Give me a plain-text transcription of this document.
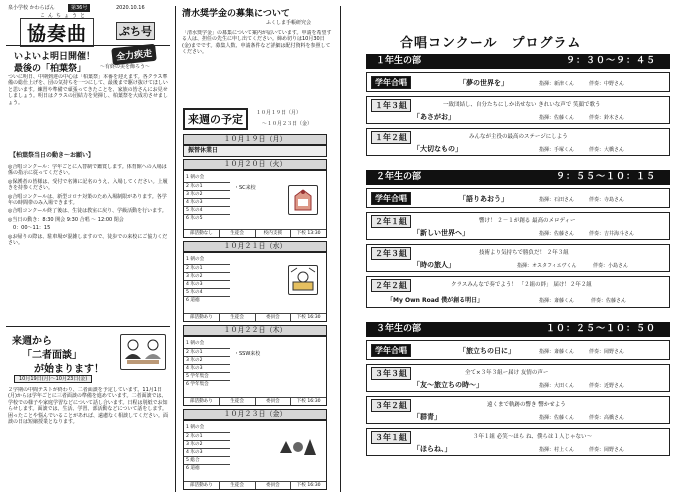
泉小学校 かわらばん	第36号	2020.10.16
こんちょうと
協奏曲	ぷち号
いよいよ明日開催！	全力疾走
最後の「柏葉祭」	～有終の美を飾ろう～
ついに明日、中期到達の中心は「柏葉祭」本番を迎えます。各クラス準備の総仕上げを、団の気持ちを一つにして、最後まで駆け抜けてほしいと思います。練習や準備で頑張ってきたことを、家族の皆さんにお見せしましょう。明日はクラスの団結力を発揮し、柏葉祭を大成功させましょう。
【柏葉祭当日の動き～お願い】
◎合唱コンクール：学年ごとに入替制で鑑賞します。体育館への入場は係の指示に従ってください。
◎保護者の皆様は、受付で名簿に記名のうえ、入場してください。上履きを持参ください。
◎合唱コンクールは、新型コロナ対策のため入場制限があります。各学年の時間帯のみ入場できます。
◎合唱コンクール終了後は、生徒は教室に戻り、学級活動を行います。
◎当日の動き：8:30 開会 9:30 合唱 ～ 12:00 閉会
　0：00～11：15
◎お帰りの際は、駐車場が混雑しますので、徒歩での来校にご協力ください。
来週から
「二者面談」
が始まります！
10月19日(月)～10月23日(金)
２学期の中間テストが終わり、二者面談を予定しています。11月1日(月)からは学年ごとに三者面談の準備を進めています。二者面談では、学校での様子や家庭学習などについて話し合います。日程は別紙でお知らせします。面談では、生活、学習、部活動などについて話をします。困ったことや悩んでいることがあれば、遠慮なく相談してください。面談の日は短縮授業となります。
清水奨学金の募集について
ふくしま手帳研究会
「清水奨学金」の募集について案内が届いています。申請を希望する人は、担任の先生に申し出てください。締め切りは10月30日(金)までです。募集人数、申請条件など詳細は配付資料を参照してください。
来週の予定	１０月１９日（月）
～１０月２３日（金）
１０月１９日（月）
振替休業日
１０月２０日（火）
1 朝の会
2 氷の1
3 氷の2
4 氷の3
5 氷の4
6 氷の5
・SC来校
部活動なし	生徒会	校内支援	下校 13:30
１０月２１日（水）
1 朝の会
2 氷の1
3 氷の2
4 氷の3
5 氷の4
6 道徳
部活動あり	生徒会	委員会	下校 16:30
１０月２２日（木）
1 朝の会
2 氷の1
3 氷の2
4 氷の3
5 学年集会
6 学年集会
・SSW来校
部活動あり	生徒会	委員会	下校 16:30
１０月２３日（金）
1 朝の会
2 氷の1
3 氷の2
4 氷の3
5 総合
6 道徳
部活動あり	生徒会	委員会	下校 16:30
合唱コンクール　プログラム
１年生の部	９：３０～９：４５
学年合唱	「夢の世界を」	指揮：新津くん	伴奏：中野さん
１年３組	一致団結し、自分たちにしか出せない きれいな声で 笑顔で歌う
「あさがお」	指揮：佐藤くん	伴奏：鈴木さん
１年２組	みんなが主役の最高のステージにしよう
「大切なもの」	指揮：手塚くん	伴奏：大橋さん
２年生の部	９：５５～１０：１５
学年合唱	「語りあおう」	指揮：石田さん	伴奏：寺島さん
２年１組	響け！ ２－１が創る 最高のメロディー
「新しい世界へ」	指揮：佐藤さん	伴奏：吉井海斗さん
２年３組	技術より気持ちで勝負だ！ ２年３組
「時の旅人」	指揮：オスタフィエヴくん	伴奏：小島さん
２年２組	クラスみんなで奏でよう！ 「２組の絆」 届け！２年２組
「My Own Road 僕が創る明日」	指揮：斎藤くん	伴奏：佐藤さん
３年生の部	１０：２５～１０：５０
学年合唱	「旅立ちの日に」	指揮：斎藤くん	伴奏：岡野さん
３年３組	全て×３年３組ー届け 友情の声ー
「友～旅立ちの時～」	指揮：大田くん	伴奏：近野さん
３年２組	遠くまで軌跡の響き 響かせよう
「群青」	指揮：佐藤くん	伴奏：高橋さん
３年１組	３年１組 必笑～ほら ね、僕らは１人じゃない～
「ほらね、」	指揮：村上くん	伴奏：岡野さん
